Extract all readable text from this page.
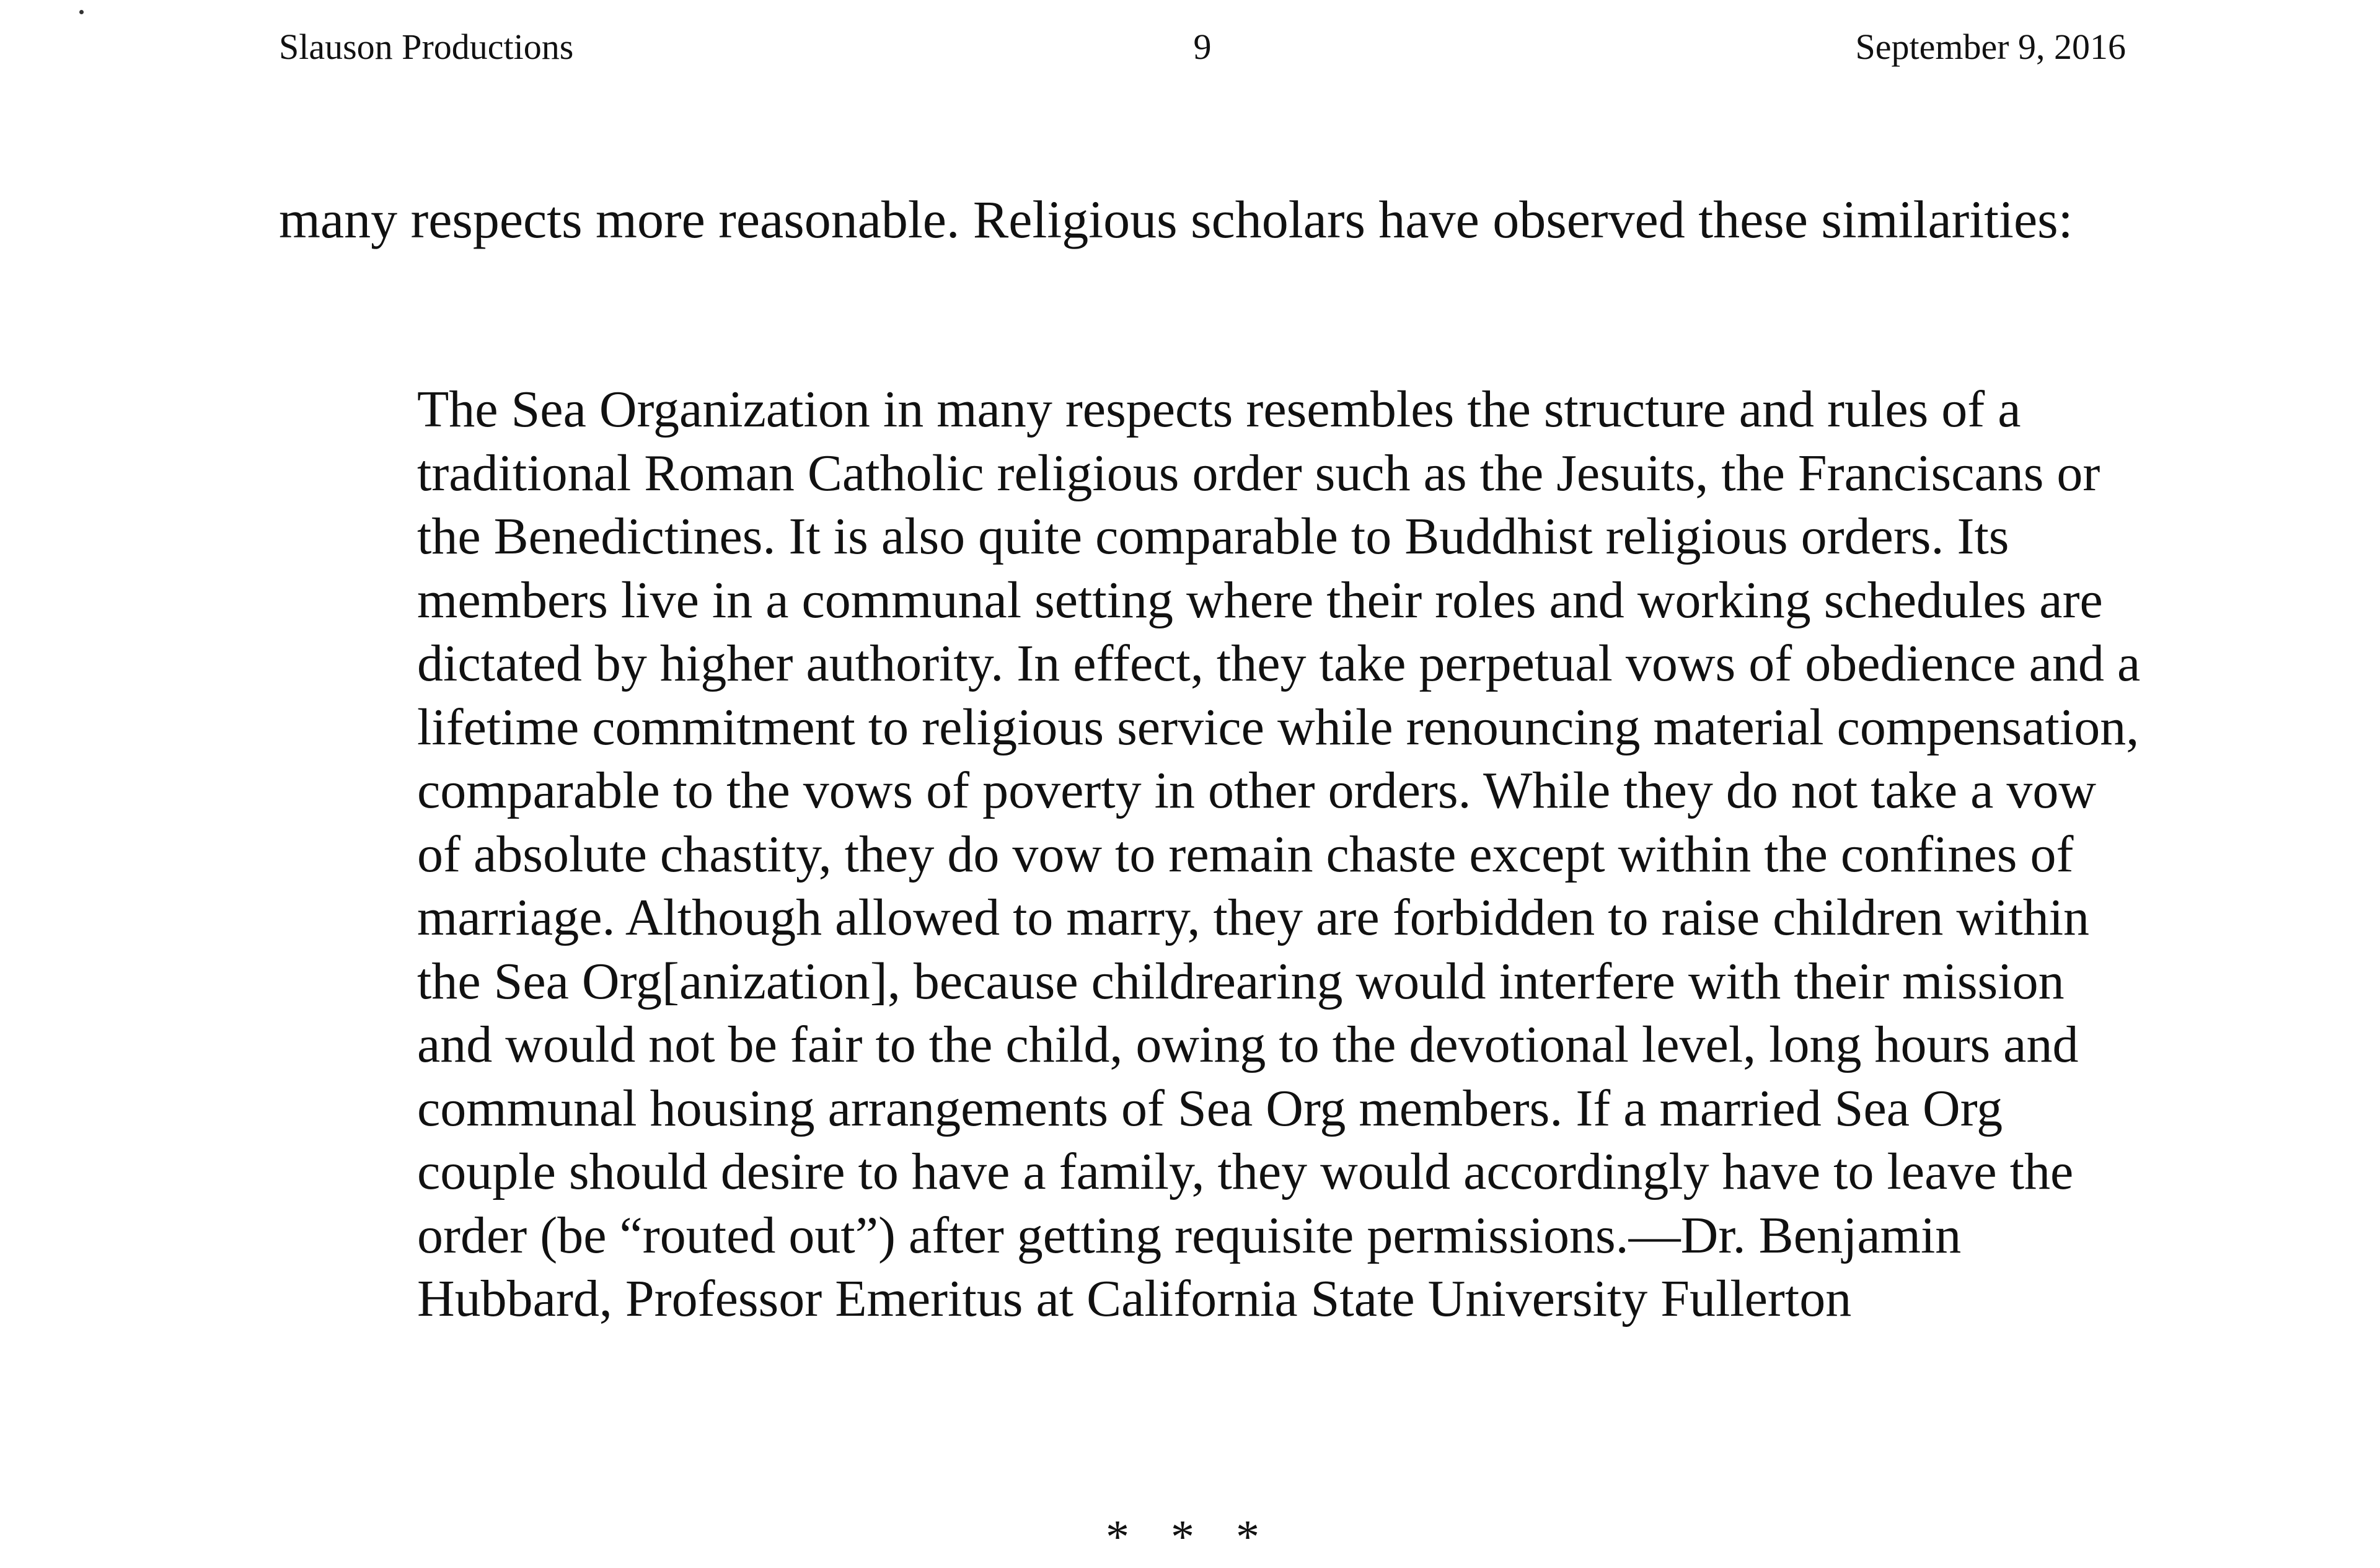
9
Slauson Productions	September 9, 2016

many respects more reasonable. Religious scholars have observed these similarities:

The Sea Organization in many respects resembles the structure and rules of a traditional Roman Catholic religious order such as the Jesuits, the Franciscans or the Benedictines. It is also quite comparable to Buddhist religious orders. Its members live in a communal setting where their roles and working schedules are dictated by higher authority. In effect, they take perpetual vows of obedience and a lifetime commitment to religious service while renouncing material compensation, comparable to the vows of poverty in other orders. While they do not take a vow of absolute chastity, they do vow to remain chaste except within the confines of marriage. Although allowed to marry, they are forbidden to raise children within the Sea Org[anization], because childrearing would interfere with their mission and would not be fair to the child, owing to the devotional level, long hours and communal housing arrangements of Sea Org members. If a married Sea Org couple should desire to have a family, they would accordingly have to leave the order (be “routed out”) after getting requisite permissions.—Dr. Benjamin Hubbard, Professor Emeritus at California State University Fullerton
* * *
